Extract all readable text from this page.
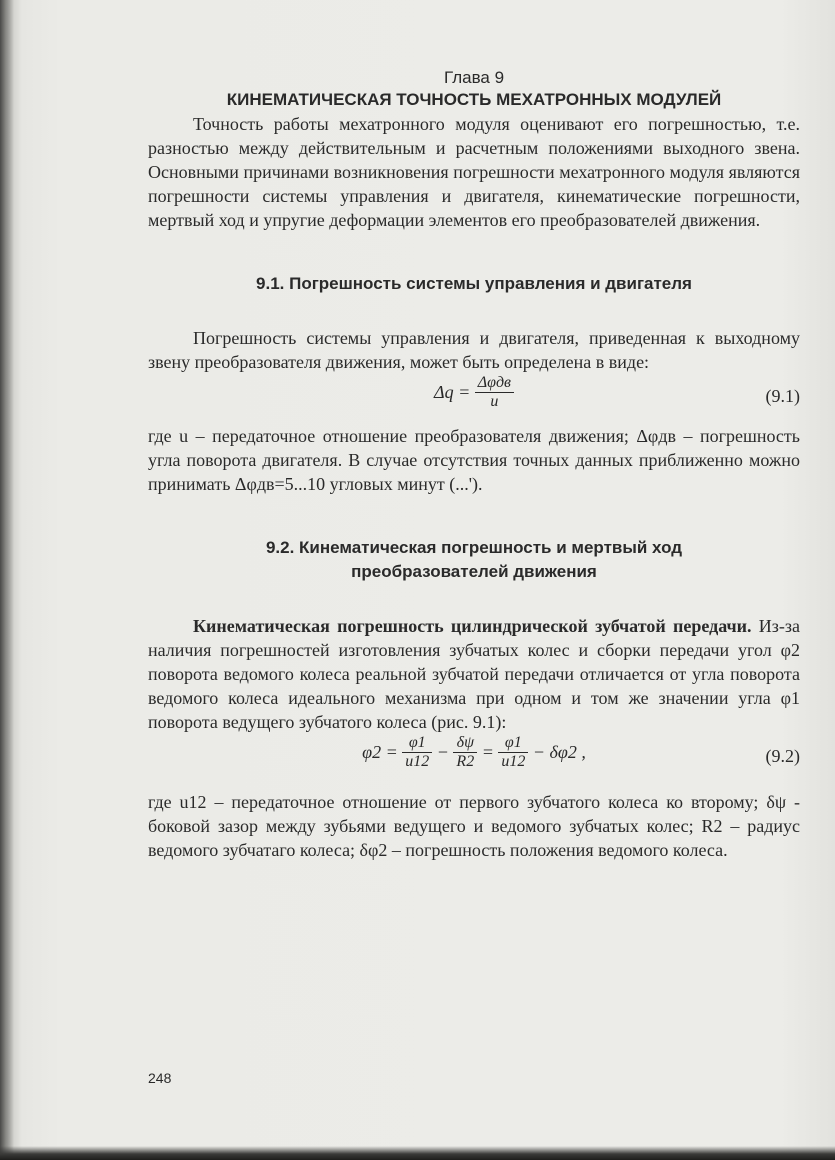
Глава 9
КИНЕМАТИЧЕСКАЯ ТОЧНОСТЬ МЕХАТРОННЫХ МОДУЛЕЙ

Точность работы мехатронного модуля оценивают его погрешностью, т.е. разностью между действительным и расчетным положениями выходного звена. Основными причинами возникновения погрешности мехатронного модуля являются погрешности системы управления и двигателя, кинематические погрешности, мертвый ход и упругие деформации элементов его преобразователей движения.

9.1. Погрешность системы управления и двигателя

Погрешность системы управления и двигателя, приведенная к выходному звену преобразователя движения, может быть определена в виде:

$\Delta q = \frac{\text{Δφдв}}{u}$	(9.1)

где u – передаточное отношение преобразователя движения; Δφдв – погрешность угла поворота двигателя. В случае отсутствия точных данных приближенно можно принимать Δφдв=5...10 угловых минут (...').

9.2. Кинематическая погрешность и мертвый ход
преобразователей движения

Кинематическая погрешность цилиндрической зубчатой передачи. Из-за наличия погрешностей изготовления зубчатых колес и сборки передачи угол φ2 поворота ведомого колеса реальной зубчатой передачи отличается от угла поворота ведомого колеса идеального механизма при одном и том же значении угла φ1 поворота ведущего зубчатого колеса (рис. 9.1):

$\varphi 2 = \frac{\varphi 1}{u12} - \frac{\delta\psi}{R2} = \frac{\varphi 1}{u12} - \delta\varphi 2$ ,	(9.2)

где u12 – передаточное отношение от первого зубчатого колеса ко второму; δψ - боковой зазор между зубьями ведущего и ведомого зубчатых колес; R2 – радиус ведомого зубчатаго колеса; δφ2 – погрешность положения ведомого колеса.

248
